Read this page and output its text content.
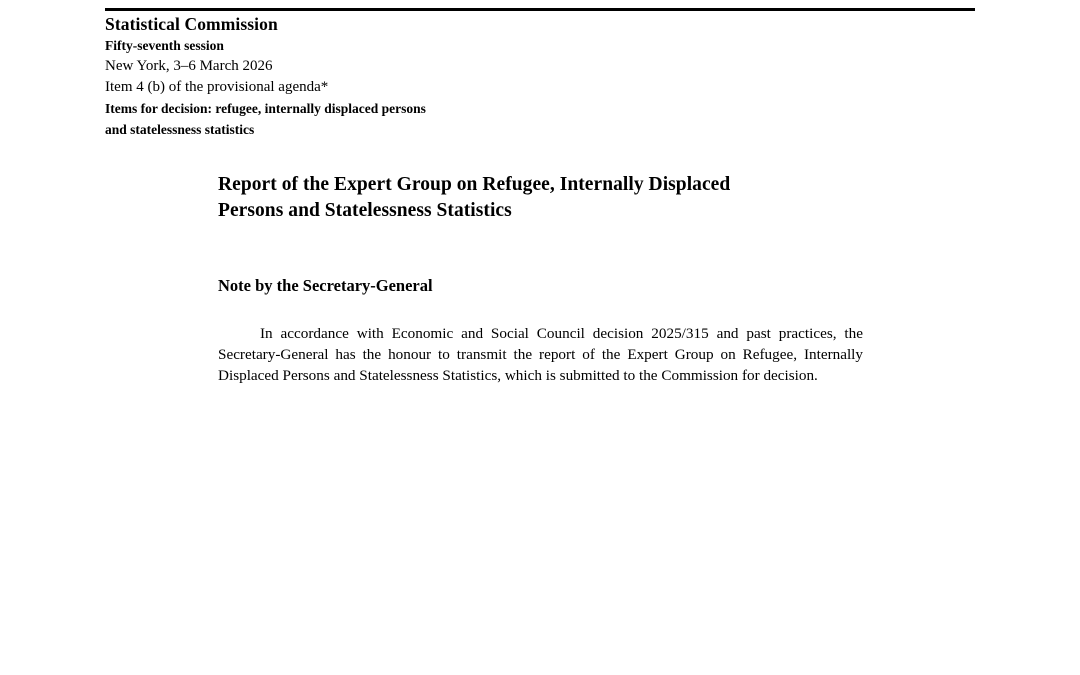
Statistical Commission
Fifty-seventh session
New York, 3–6 March 2026
Item 4 (b) of the provisional agenda*
Items for decision: refugee, internally displaced persons
and statelessness statistics
Report of the Expert Group on Refugee, Internally Displaced Persons and Statelessness Statistics
Note by the Secretary-General

In accordance with Economic and Social Council decision 2025/315 and past practices, the Secretary-General has the honour to transmit the report of the Expert Group on Refugee, Internally Displaced Persons and Statelessness Statistics, which is submitted to the Commission for decision.
